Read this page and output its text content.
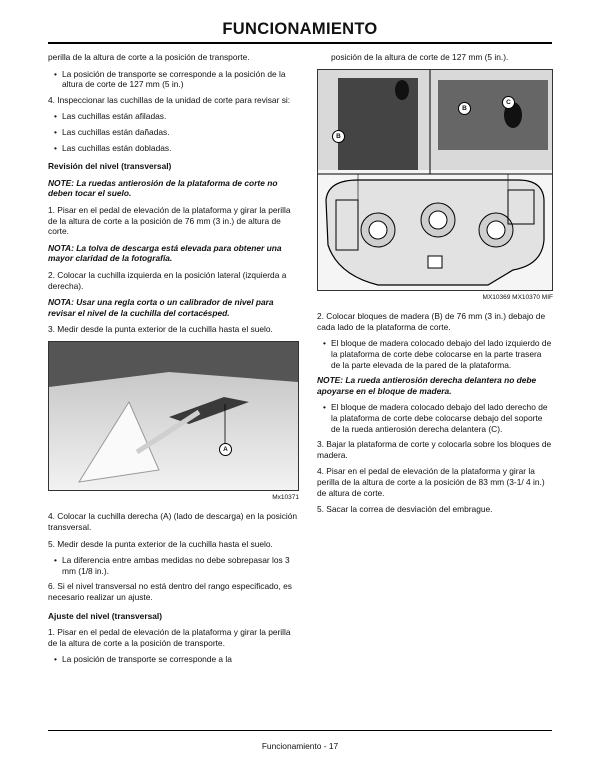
FUNCIONAMIENTO

perilla de la altura de corte a la posición de transporte.

• La posición de transporte se corresponde a la posición de la altura de corte de 127 mm (5 in.)

4. Inspeccionar las cuchillas de la unidad de corte para revisar si:

• Las cuchillas están afiladas.

• Las cuchillas están dañadas.

• Las cuchillas están dobladas.

Revisión del nivel (transversal)

NOTE: La ruedas antierosión de la plataforma de corte no deben tocar el suelo.

1. Pisar en el pedal de elevación de la plataforma y girar la perilla de la altura de corte a la posición de 76 mm (3 in.) de altura de corte.

NOTA: La tolva de descarga está elevada para obtener una mayor claridad de la fotografía.

2. Colocar la cuchilla izquierda en la posición lateral (izquierda a derecha).

NOTA: Usar una regla corta o un calibrador de nivel para revisar el nivel de la cuchilla del cortacésped.

3. Medir desde la punta exterior de la cuchilla hasta el suelo.

A
Mx10371

4. Colocar la cuchilla derecha (A) (lado de descarga) en la posición transversal.

5. Medir desde la punta exterior de la cuchilla hasta el suelo.

• La diferencia entre ambas medidas no debe sobrepasar los 3 mm (1/8 in.).

6. Si el nivel transversal no está dentro del rango especificado, es necesario realizar un ajuste.

Ajuste del nivel (transversal)

1. Pisar en el pedal de elevación de la plataforma y girar la perilla de la altura de corte a la posición de transporte.

• La posición de transporte se corresponde a la

posición de la altura de corte de 127 mm (5 in.).

B
B
C
MX10369 MX10370 MIF

2. Colocar bloques de madera (B) de 76 mm (3 in.) debajo de cada lado de la plataforma de corte.

• El bloque de madera colocado debajo del lado izquierdo de la plataforma de corte debe colocarse en la parte trasera de la parte elevada de la pared de la plataforma.

NOTE: La rueda antierosión derecha delantera no debe apoyarse en el bloque de madera.

• El bloque de madera colocado debajo del lado derecho de la plataforma de corte debe colocarse debajo del soporte de la rueda antierosión derecha delantera (C).

3. Bajar la plataforma de corte y colocarla sobre los bloques de madera.

4. Pisar en el pedal de elevación de la plataforma y girar la perilla de la altura de corte a la posición de 83 mm (3-1/ 4 in.) de altura de corte.

5. Sacar la correa de desviación del embrague.

Funcionamiento - 17
